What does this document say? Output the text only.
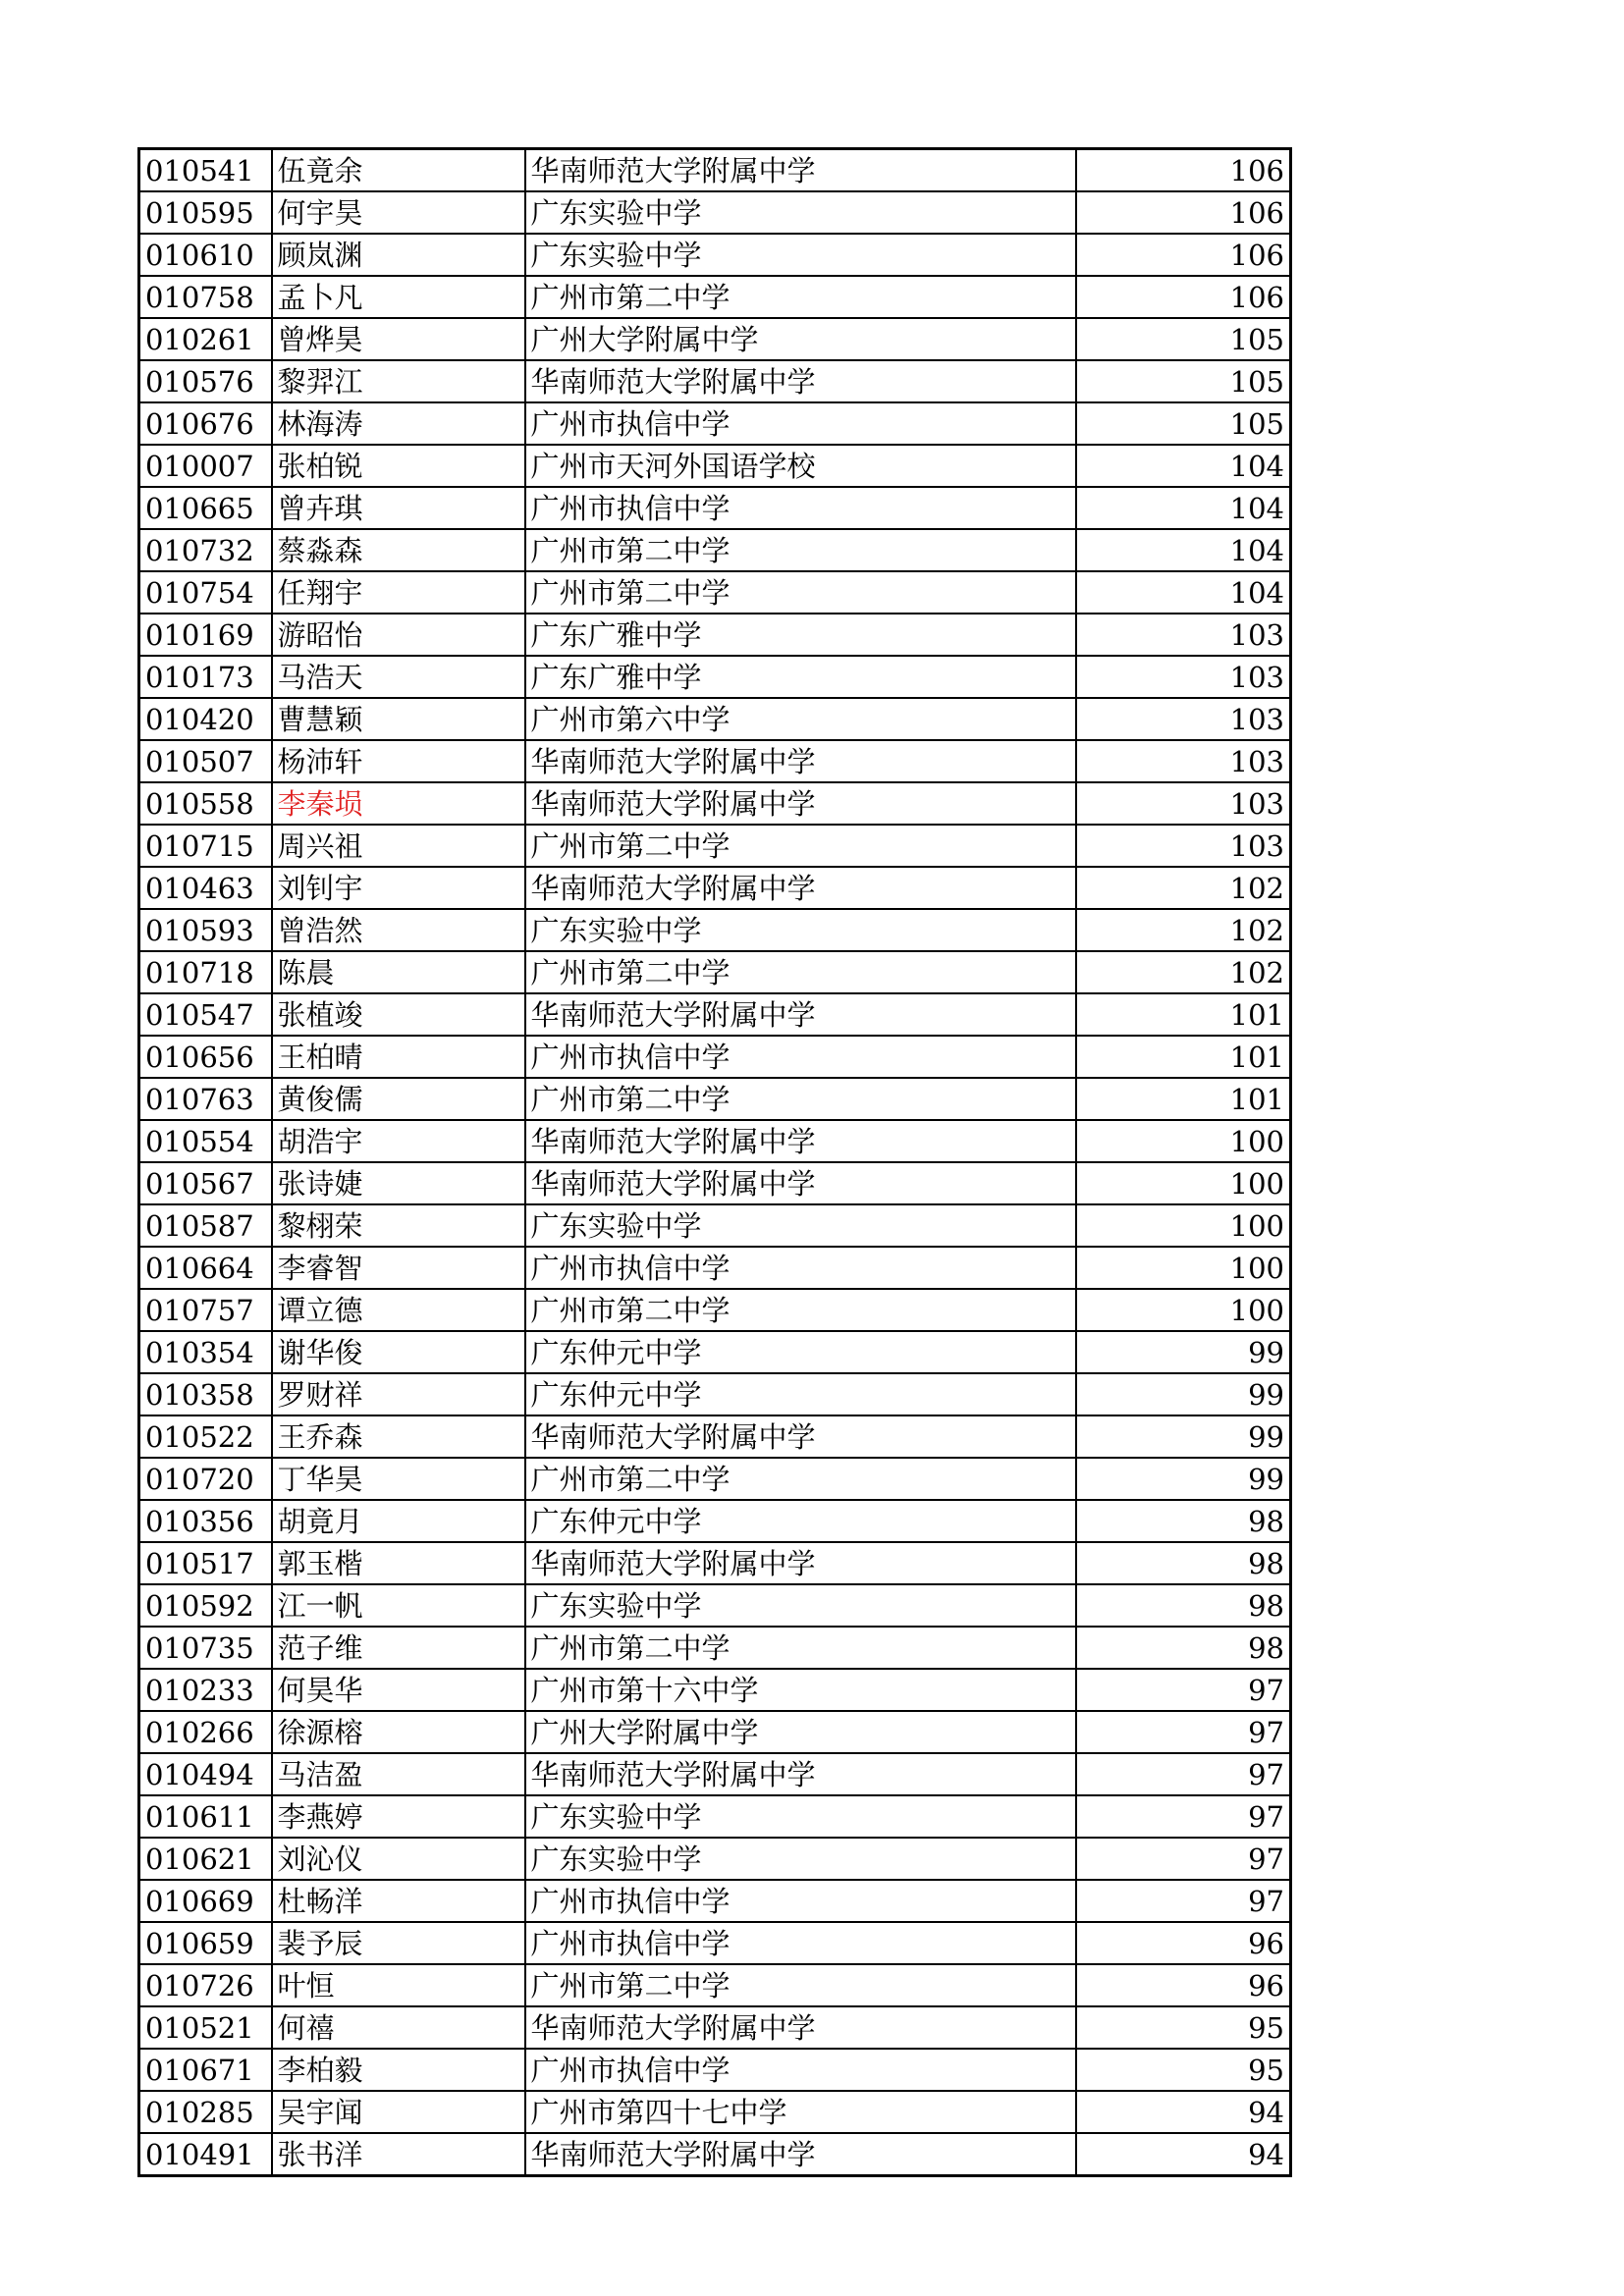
010541	伍竟余	华南师范大学附属中学	106
010595	何宇昊	广东实验中学	106
010610	顾岚渊	广东实验中学	106
010758	孟卜凡	广州市第二中学	106
010261	曾烨昊	广州大学附属中学	105
010576	黎羿江	华南师范大学附属中学	105
010676	林海涛	广州市执信中学	105
010007	张柏锐	广州市天河外国语学校	104
010665	曾卉琪	广州市执信中学	104
010732	蔡淼森	广州市第二中学	104
010754	任翔宇	广州市第二中学	104
010169	游昭怡	广东广雅中学	103
010173	马浩天	广东广雅中学	103
010420	曹慧颖	广州市第六中学	103
010507	杨沛轩	华南师范大学附属中学	103
010558	李秦埙	华南师范大学附属中学	103
010715	周兴祖	广州市第二中学	103
010463	刘钊宇	华南师范大学附属中学	102
010593	曾浩然	广东实验中学	102
010718	陈晨	广州市第二中学	102
010547	张植竣	华南师范大学附属中学	101
010656	王柏晴	广州市执信中学	101
010763	黄俊儒	广州市第二中学	101
010554	胡浩宇	华南师范大学附属中学	100
010567	张诗婕	华南师范大学附属中学	100
010587	黎栩荣	广东实验中学	100
010664	李睿智	广州市执信中学	100
010757	谭立德	广州市第二中学	100
010354	谢华俊	广东仲元中学	99
010358	罗财祥	广东仲元中学	99
010522	王乔森	华南师范大学附属中学	99
010720	丁华昊	广州市第二中学	99
010356	胡竟月	广东仲元中学	98
010517	郭玉楷	华南师范大学附属中学	98
010592	江一帆	广东实验中学	98
010735	范子维	广州市第二中学	98
010233	何昊华	广州市第十六中学	97
010266	徐源榕	广州大学附属中学	97
010494	马洁盈	华南师范大学附属中学	97
010611	李燕婷	广东实验中学	97
010621	刘沁仪	广东实验中学	97
010669	杜畅洋	广州市执信中学	97
010659	裴予辰	广州市执信中学	96
010726	叶恒	广州市第二中学	96
010521	何禧	华南师范大学附属中学	95
010671	李柏毅	广州市执信中学	95
010285	吴宇闻	广州市第四十七中学	94
010491	张书洋	华南师范大学附属中学	94
